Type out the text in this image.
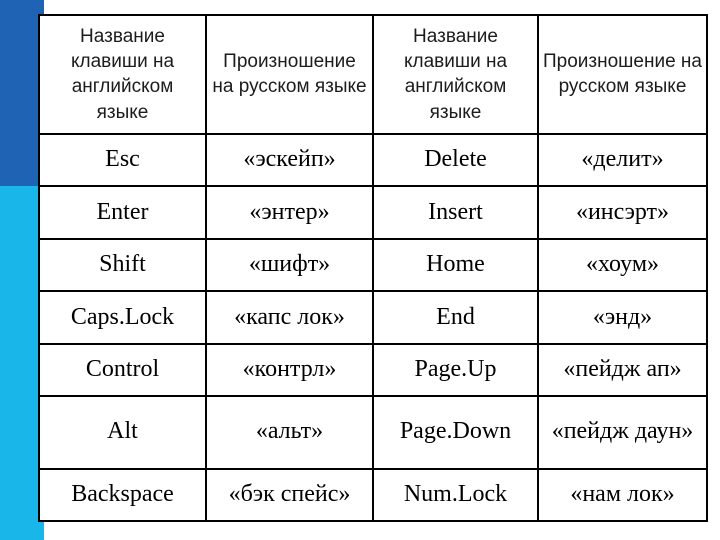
Название клавиши на английском языке	Произношение на русском языке	Название клавиши на английском языке	Произношение на русском языке
Esc	«эскейп»	Delete	«делит»
Enter	«энтер»	Insert	«инсэрт»
Shift	«шифт»	Home	«хоум»
Caps.Lock	«капс лок»	End	«энд»
Control	«контрл»	Page.Up	«пейдж ап»
Alt	«альт»	Page.Down	«пейдж даун»
Backspace	«бэк спейс»	Num.Lock	«нам лок»
